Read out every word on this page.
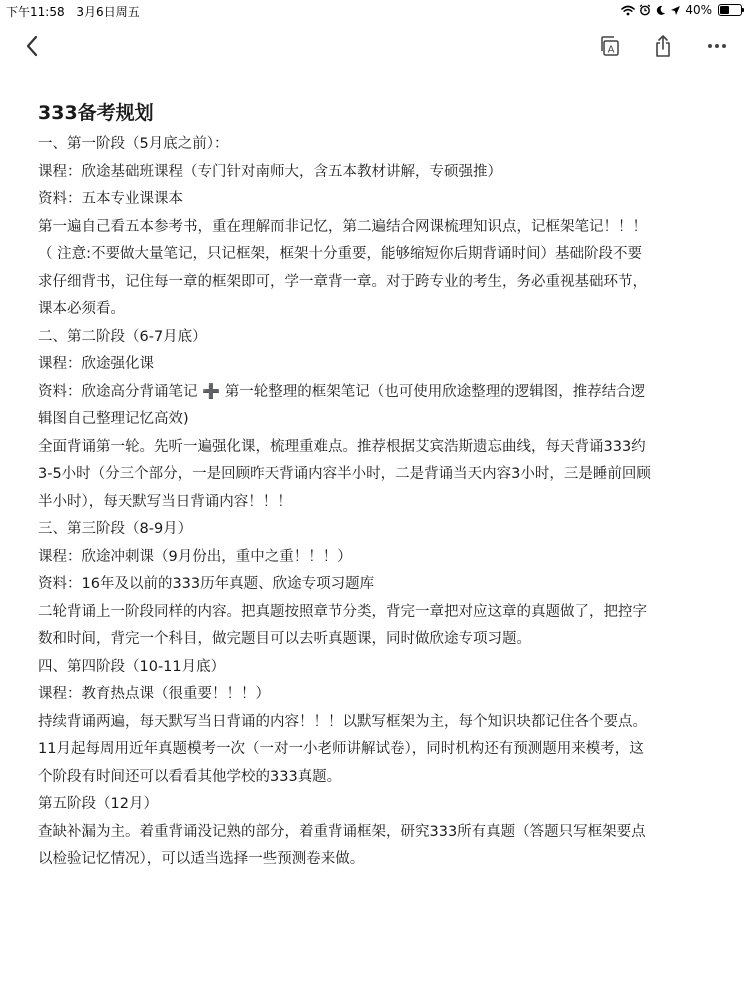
下午11:58 3月6日周五	40%
A
333备考规划

一、第一阶段（5月底之前）：

课程：欣途基础班课程（专门针对南师大，含五本教材讲解，专硕强推）

资料：五本专业课课本

第一遍自己看五本参考书，重在理解而非记忆，第二遍结合网课梳理知识点，记框架笔记！！！

（ 注意:不要做大量笔记，只记框架，框架十分重要，能够缩短你后期背诵时间）基础阶段不要

求仔细背书，记住每一章的框架即可，学一章背一章。对于跨专业的考生，务必重视基础环节，

课本必须看。

二、第二阶段（6-7月底）

课程：欣途强化课

资料：欣途高分背诵笔记 ➕ 第一轮整理的框架笔记（也可使用欣途整理的逻辑图，推荐结合逻

辑图自己整理记忆高效)

全面背诵第一轮。先听一遍强化课，梳理重难点。推荐根据艾宾浩斯遗忘曲线，每天背诵333约

3-5小时（分三个部分，一是回顾昨天背诵内容半小时，二是背诵当天内容3小时，三是睡前回顾

半小时），每天默写当日背诵内容！！！

三、第三阶段（8-9月）

课程：欣途冲刺课（9月份出，重中之重！！！）

资料：16年及以前的333历年真题、欣途专项习题库

二轮背诵上一阶段同样的内容。把真题按照章节分类，背完一章把对应这章的真题做了，把控字

数和时间，背完一个科目，做完题目可以去听真题课，同时做欣途专项习题。

四、第四阶段（10-11月底）

课程：教育热点课（很重要！！！）

持续背诵两遍，每天默写当日背诵的内容！！！以默写框架为主，每个知识块都记住各个要点。

11月起每周用近年真题模考一次（一对一小老师讲解试卷），同时机构还有预测题用来模考，这

个阶段有时间还可以看看其他学校的333真题。

第五阶段（12月）

查缺补漏为主。着重背诵没记熟的部分，着重背诵框架，研究333所有真题（答题只写框架要点

以检验记忆情况），可以适当选择一些预测卷来做。
